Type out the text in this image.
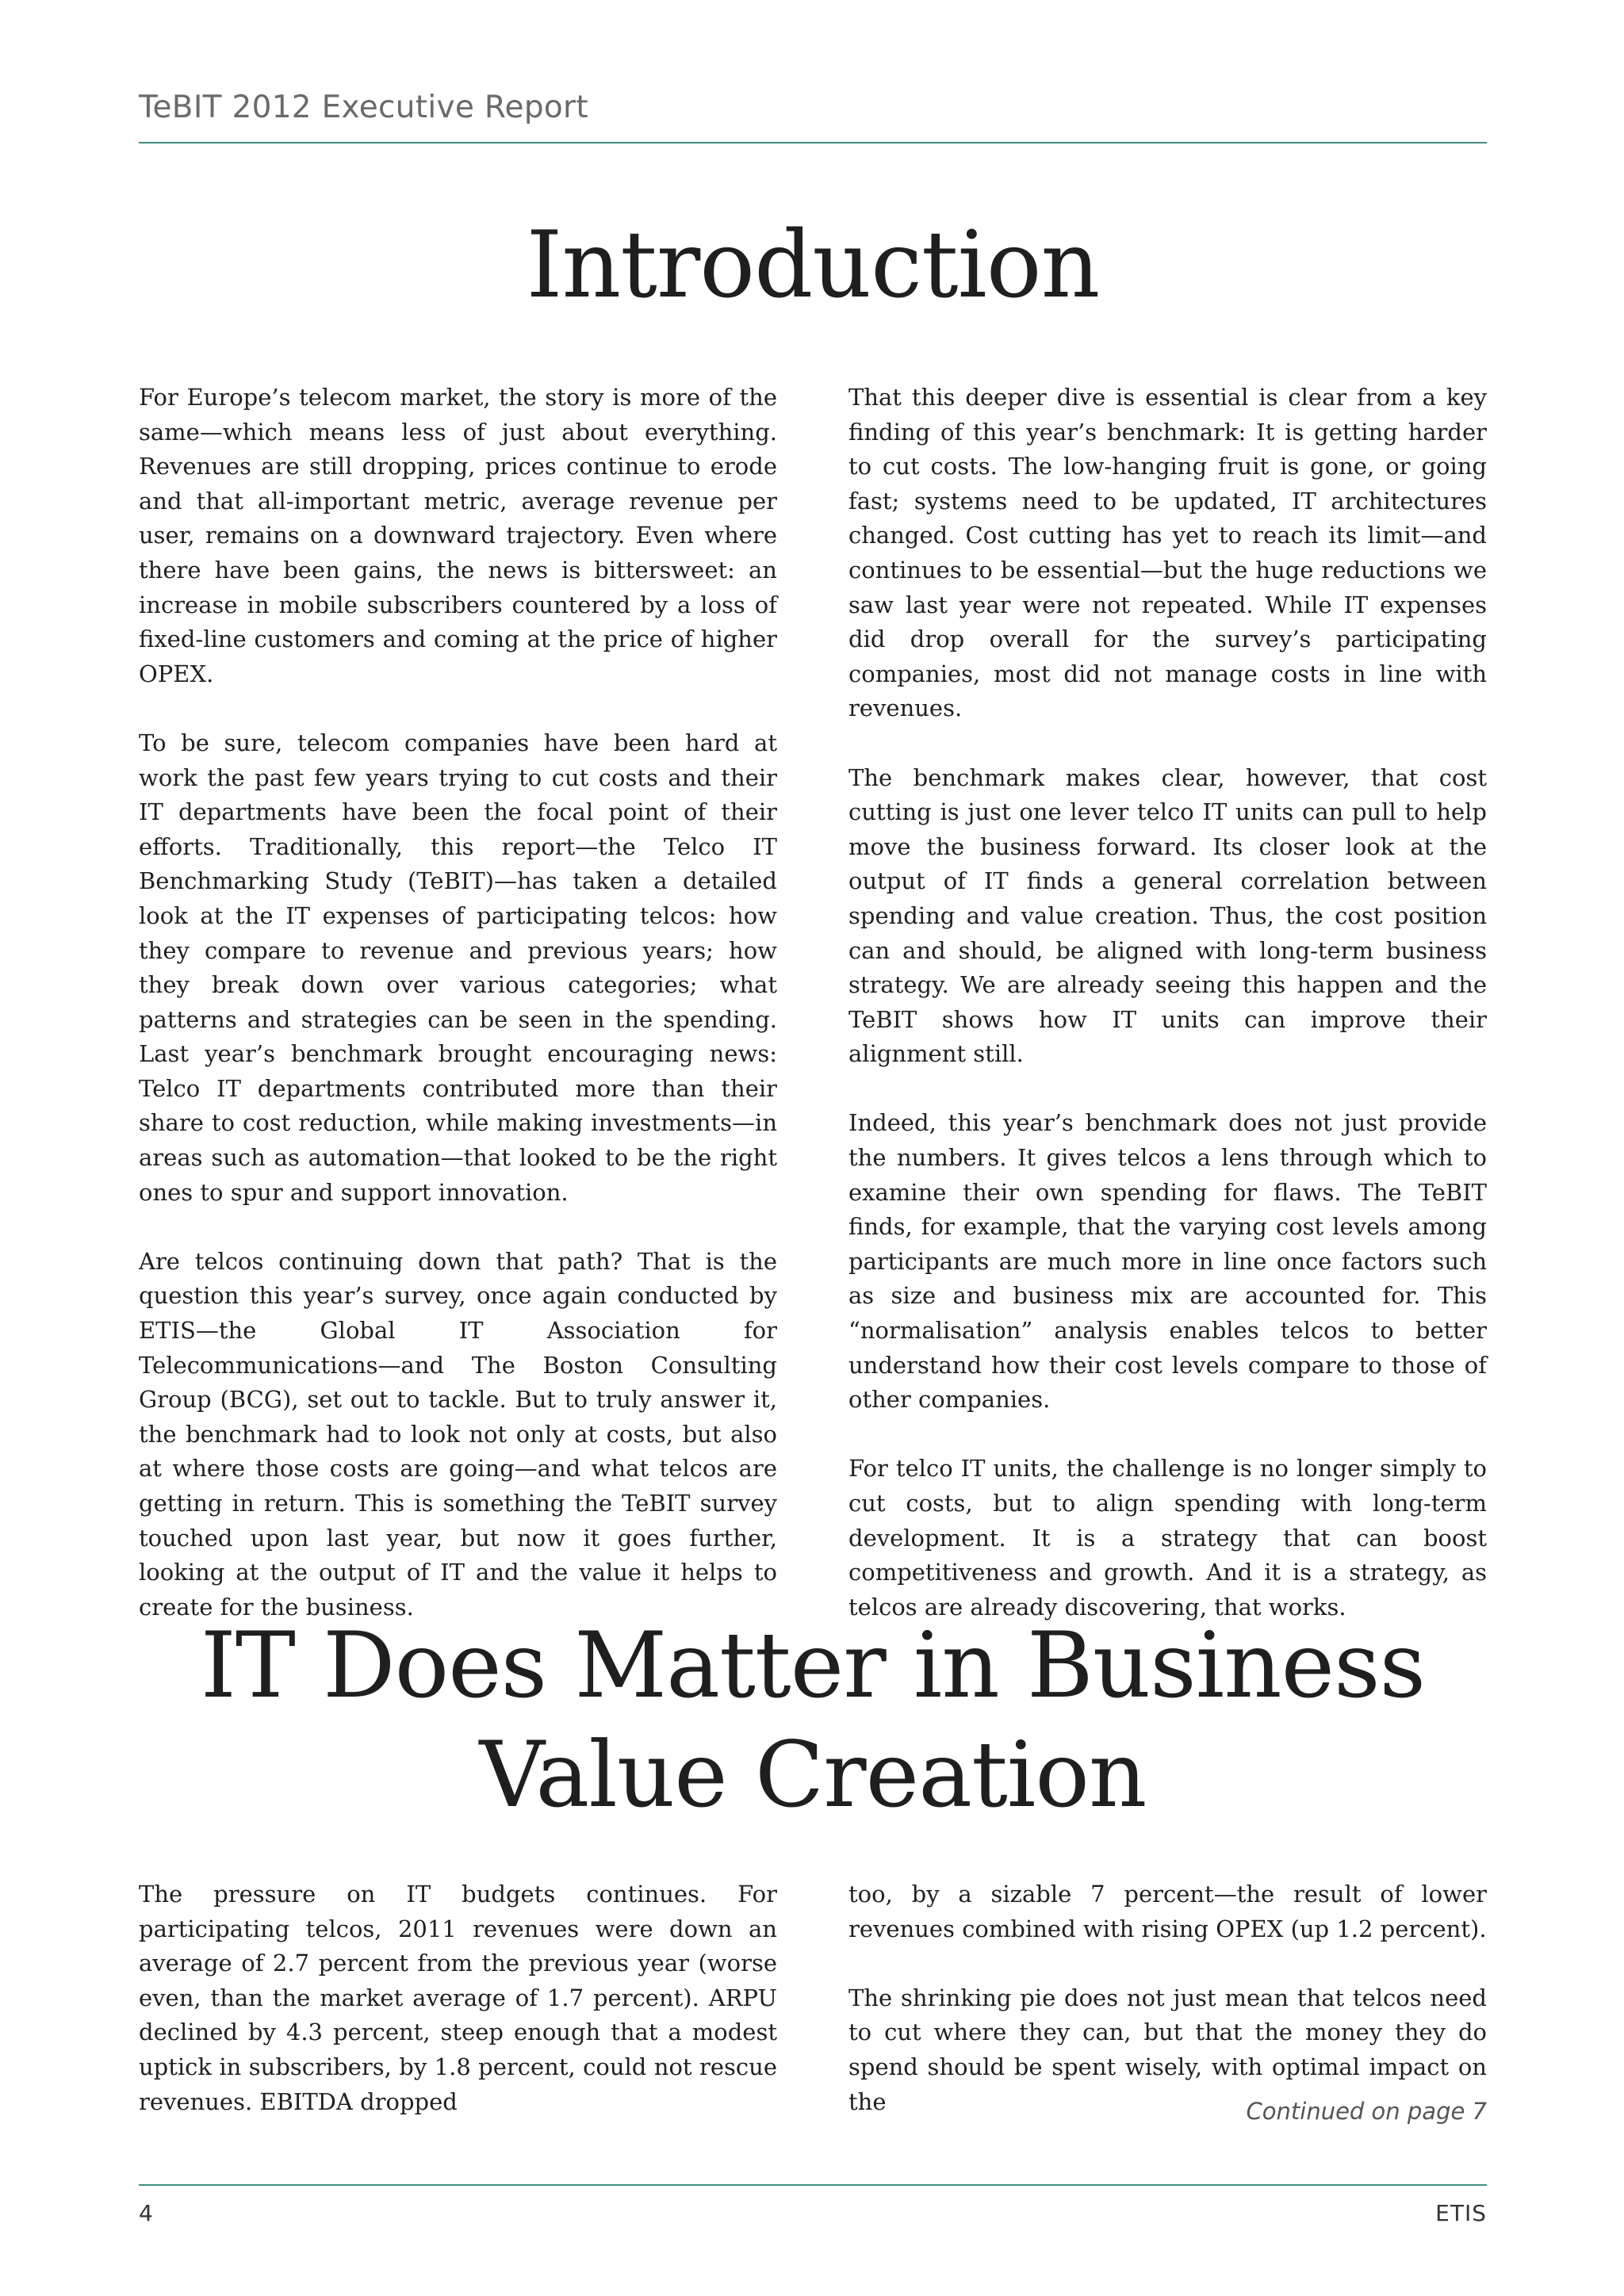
TeBIT 2012 Executive Report
Introduction

For Europe’s telecom market, the story is more of the same—which means less of just about everything. Revenues are still dropping, prices continue to erode and that all-important metric, average revenue per user, remains on a downward trajectory. Even where there have been gains, the news is bittersweet: an increase in mobile subscribers countered by a loss of fixed-line customers and coming at the price of higher OPEX.

To be sure, telecom companies have been hard at work the past few years trying to cut costs and their IT departments have been the focal point of their efforts. Traditionally, this report—the Telco IT Benchmarking Study (TeBIT)—has taken a detailed look at the IT expenses of participating telcos: how they compare to revenue and previous years; how they break down over various categories; what patterns and strategies can be seen in the spending. Last year’s benchmark brought encouraging news: Telco IT departments contributed more than their share to cost reduction, while making investments—in areas such as automation—that looked to be the right ones to spur and support innovation.

Are telcos continuing down that path? That is the question this year’s survey, once again conducted by ETIS—the Global IT Association for Telecommunications—and The Boston Consulting Group (BCG), set out to tackle. But to truly answer it, the benchmark had to look not only at costs, but also at where those costs are going—and what telcos are getting in return. This is something the TeBIT survey touched upon last year, but now it goes further, looking at the output of IT and the value it helps to create for the business.

That this deeper dive is essential is clear from a key finding of this year’s benchmark: It is getting harder to cut costs. The low-hanging fruit is gone, or going fast; systems need to be updated, IT architectures changed. Cost cutting has yet to reach its limit—and continues to be essential—but the huge reductions we saw last year were not repeated. While IT expenses did drop overall for the survey’s participating companies, most did not manage costs in line with revenues.

The benchmark makes clear, however, that cost cutting is just one lever telco IT units can pull to help move the business forward. Its closer look at the output of IT finds a general correlation between spending and value creation. Thus, the cost position can and should, be aligned with long-term business strategy. We are already seeing this happen and the TeBIT shows how IT units can improve their alignment still.

Indeed, this year’s benchmark does not just provide the numbers. It gives telcos a lens through which to examine their own spending for flaws. The TeBIT finds, for example, that the varying cost levels among participants are much more in line once factors such as size and business mix are accounted for. This “normalisation” analysis enables telcos to better understand how their cost levels compare to those of other companies.

For telco IT units, the challenge is no longer simply to cut costs, but to align spending with long-term development. It is a strategy that can boost competitiveness and growth. And it is a strategy, as telcos are already discovering, that works.

IT Does Matter in Business
Value Creation

The pressure on IT budgets continues. For participating telcos, 2011 revenues were down an average of 2.7 percent from the previous year (worse even, than the market average of 1.7 percent). ARPU declined by 4.3 percent, steep enough that a modest uptick in subscribers, by 1.8 percent, could not rescue revenues. EBITDA dropped

too, by a sizable 7 percent—the result of lower revenues combined with rising OPEX (up 1.2 percent).

The shrinking pie does not just mean that telcos need to cut where they can, but that the money they do spend should be spent wisely, with optimal impact on the	Continued on page 7
4	ETIS
